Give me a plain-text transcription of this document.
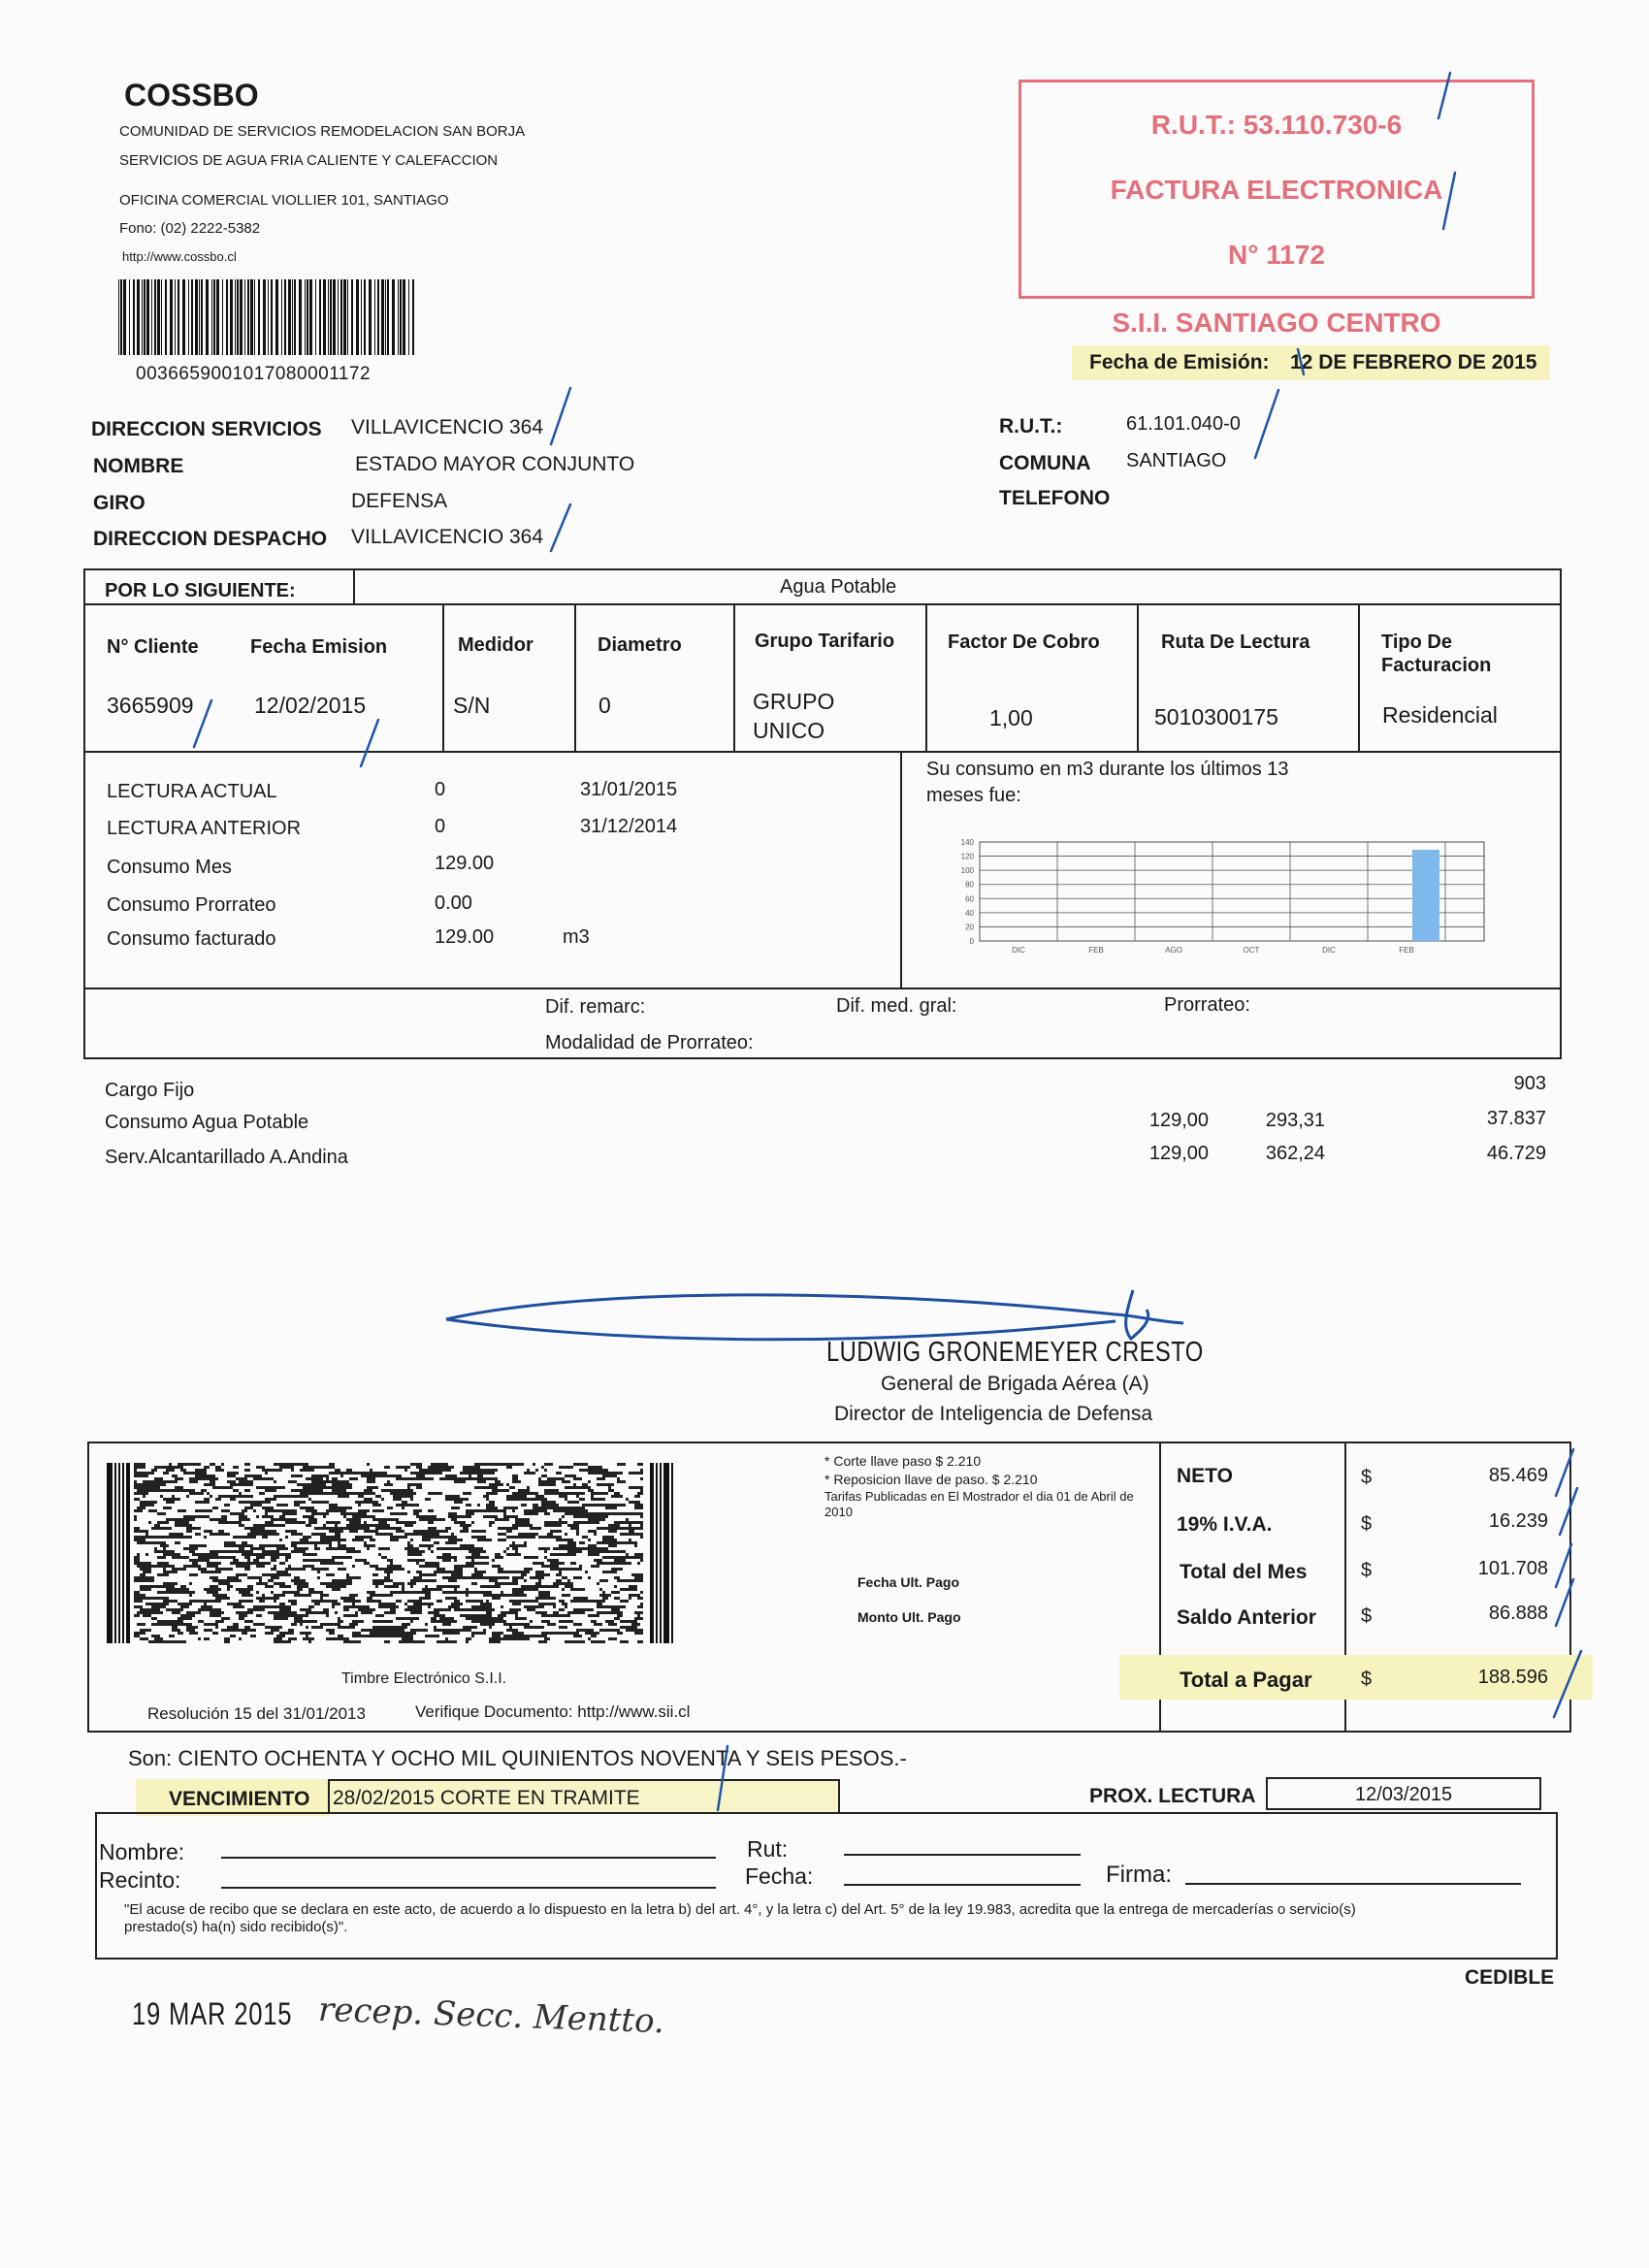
COSSBO
COMUNIDAD DE SERVICIOS REMODELACION SAN BORJA
SERVICIOS DE AGUA FRIA CALIENTE Y CALEFACCION
OFICINA COMERCIAL VIOLLIER 101, SANTIAGO
Fono: (02) 2222-5382
http://www.cossbo.cl
0036659001017080001172
R.U.T.: 53.110.730-6
FACTURA ELECTRONICA
N° 1172
S.I.I. SANTIAGO CENTRO
Fecha de Emisión: 12 DE FEBRERO DE 2015
DIRECCION SERVICIOS VILLAVICENCIO 364
NOMBRE	ESTADO MAYOR CONJUNTO
GIRO	DEFENSA
DIRECCION DESPACHO VILLAVICENCIO 364
R.U.T.:	61.101.040-0
COMUNA SANTIAGO
TELEFONO
POR LO SIGUIENTE:	Agua Potable
N° Cliente	Fecha Emision	Medidor	Diametro	Grupo Tarifario	Factor De Cobro	Ruta De Lectura	Tipo De Facturacion
3665909	12/02/2015	S/N	0	GRUPO UNICO	1,00	5010300175	Residencial
LECTURA ACTUAL	0	31/01/2015
LECTURA ANTERIOR	0	31/12/2014
Consumo Mes	129.00
Consumo Prorrateo	0.00
Consumo facturado	129.00	m3
Su consumo en m3 durante los últimos 13 meses fue:
140
120
100
80
60
40
20
0
DIC	FEB	AGO	OCT	DIC	FEB
Dif. remarc:	Dif. med. gral:	Prorrateo:
Modalidad de Prorrateo:
Cargo Fijo	903
Consumo Agua Potable	129,00	293,31	37.837
Serv.Alcantarillado A.Andina	129,00	362,24	46.729
LUDWIG GRONEMEYER CRESTO
General de Brigada Aérea (A)
Director de Inteligencia de Defensa
Timbre Electrónico S.I.I.
Resolución 15 del 31/01/2013	Verifique Documento: http://www.sii.cl
* Corte llave paso $ 2.210
* Reposicion llave de paso. $ 2.210
Tarifas Publicadas en El Mostrador el dia 01 de Abril de 2010
Fecha Ult. Pago
Monto Ult. Pago
NETO	$	85.469
19% I.V.A.	$	16.239
Total del Mes	$	101.708
Saldo Anterior $	86.888
Total a Pagar	$	188.596
Son: CIENTO OCHENTA Y OCHO MIL QUINIENTOS NOVENTA Y SEIS PESOS.-
VENCIMIENTO 28/02/2015 CORTE EN TRAMITE	PROX. LECTURA	12/03/2015
Nombre:
Recinto:
Rut:
Fecha:	Firma:
"El acuse de recibo que se declara en este acto, de acuerdo a lo dispuesto en la letra b) del art. 4°, y la letra c) del Art. 5° de la ley 19.983, acredita que la entrega de mercaderías o servicio(s) prestado(s) ha(n) sido recibido(s)".
CEDIBLE
19 MAR 2015 recep. Secc. Mentto.
